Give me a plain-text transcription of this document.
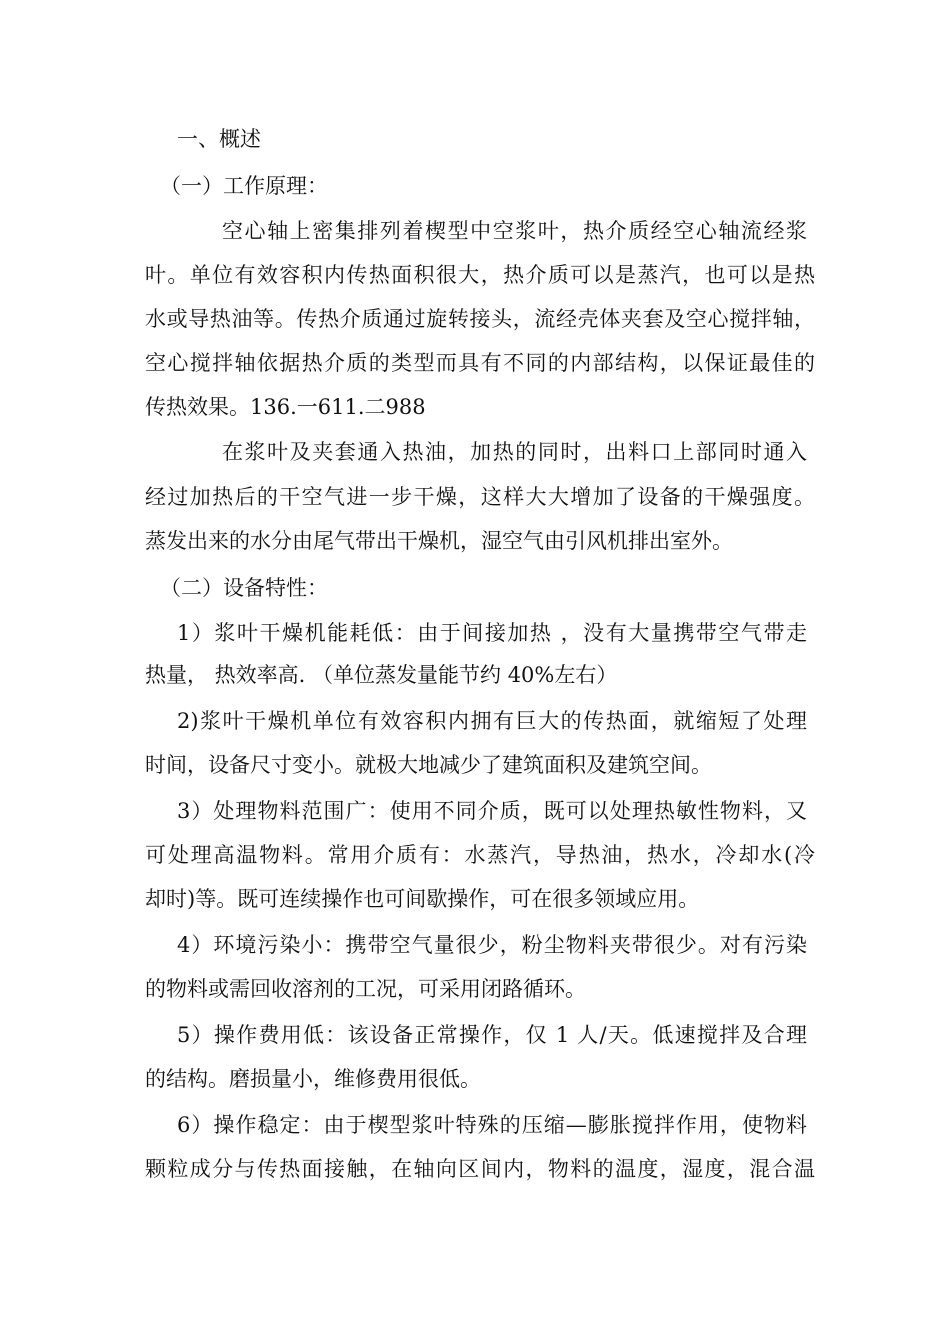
一、概述
（一）工作原理：
空心轴上密集排列着楔型中空浆叶，热介质经空心轴流经浆
叶。单位有效容积内传热面积很大，热介质可以是蒸汽，也可以是热
水或导热油等。传热介质通过旋转接头，流经壳体夹套及空心搅拌轴，
空心搅拌轴依据热介质的类型而具有不同的内部结构，以保证最佳的
传热效果。136.一611.二988
在浆叶及夹套通入热油，加热的同时，出料口上部同时通入
经过加热后的干空气进一步干燥，这样大大增加了设备的干燥强度。
蒸发出来的水分由尾气带出干燥机，湿空气由引风机排出室外。
（二）设备特性：
1）浆叶干燥机能耗低：由于间接加热 ，没有大量携带空气带走
热量， 热效率高. （单位蒸发量能节约 40%左右）
2)浆叶干燥机单位有效容积内拥有巨大的传热面，就缩短了处理
时间，设备尺寸变小。就极大地减少了建筑面积及建筑空间。
3）处理物料范围广：使用不同介质，既可以处理热敏性物料，又
可处理高温物料。常用介质有：水蒸汽，导热油，热水，冷却水(冷
却时)等。既可连续操作也可间歇操作，可在很多领域应用。
4）环境污染小：携带空气量很少，粉尘物料夹带很少。对有污染
的物料或需回收溶剂的工况，可采用闭路循环。
5）操作费用低：该设备正常操作，仅 1 人/天。低速搅拌及合理
的结构。磨损量小，维修费用很低。
6）操作稳定：由于楔型浆叶特殊的压缩—膨胀搅拌作用，使物料
颗粒成分与传热面接触，在轴向区间内，物料的温度，湿度，混合温
